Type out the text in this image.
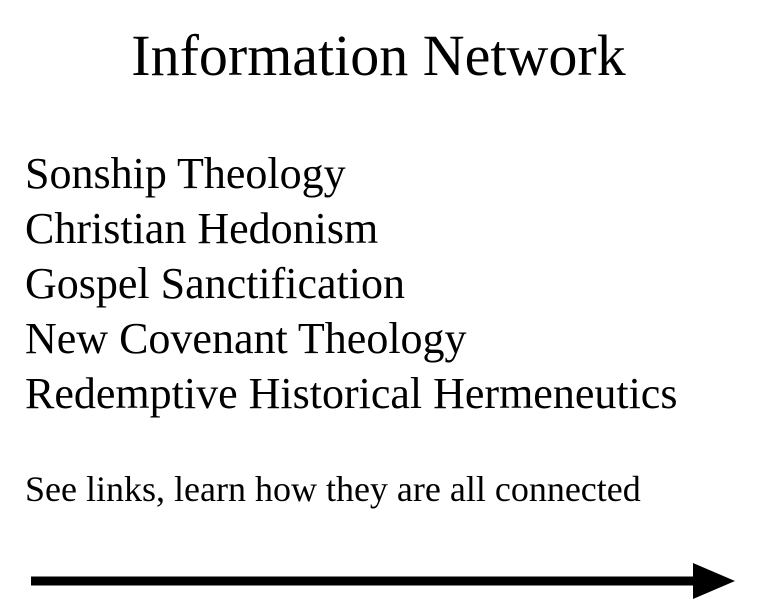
Information Network
Sonship Theology
Christian Hedonism
Gospel Sanctification
New Covenant Theology
Redemptive Historical Hermeneutics

See links, learn how they are all connected
